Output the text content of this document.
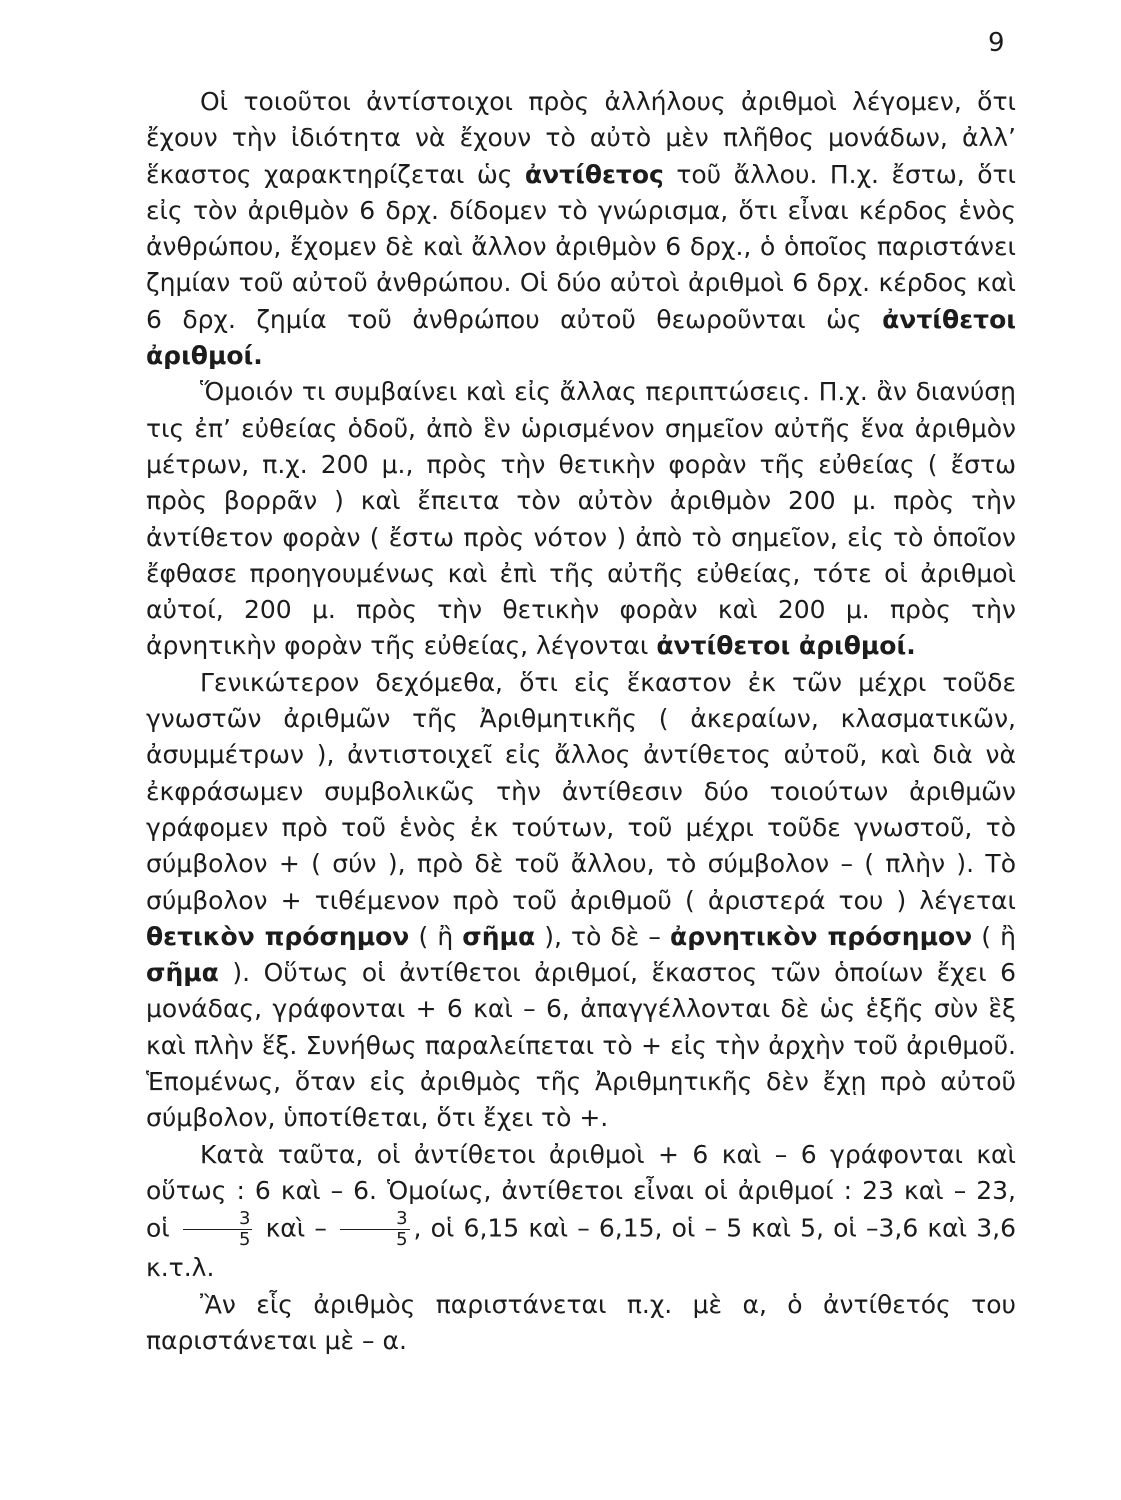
9

Οἱ τοιοῦτοι ἀντίστοιχοι πρὸς ἀλλήλους ἀριθμοὶ λέγομεν, ὅτι ἔχουν τὴν ἰδιότητα νὰ ἔχουν τὸ αὐτὸ μὲν πλῆθος μονάδων, ἀλλ’ ἕκαστος χαρακτηρίζεται ὡς ἀντίθετος τοῦ ἄλλου. Π.χ. ἔστω, ὅτι εἰς τὸν ἀριθμὸν 6 δρχ. δίδομεν τὸ γνώρισμα, ὅτι εἶναι κέρδος ἑνὸς ἀνθρώπου, ἔχομεν δὲ καὶ ἄλλον ἀριθμὸν 6 δρχ., ὁ ὁποῖος παριστάνει ζημίαν τοῦ αὐτοῦ ἀνθρώπου. Οἱ δύο αὐτοὶ ἀριθμοὶ 6 δρχ. κέρδος καὶ 6 δρχ. ζημία τοῦ ἀνθρώπου αὐτοῦ θεωροῦνται ὡς ἀντίθετοι ἀριθμοί.

Ὅμοιόν τι συμβαίνει καὶ εἰς ἄλλας περιπτώσεις. Π.χ. ἂν διανύσῃ τις ἐπ’ εὐθείας ὁδοῦ, ἀπὸ ἓν ὡρισμένον σημεῖον αὐτῆς ἕνα ἀριθμὸν μέτρων, π.χ. 200 μ., πρὸς τὴν θετικὴν φορὰν τῆς εὐθείας ( ἔστω πρὸς βορρᾶν ) καὶ ἔπειτα τὸν αὐτὸν ἀριθμὸν 200 μ. πρὸς τὴν ἀντίθετον φορὰν ( ἔστω πρὸς νότον ) ἀπὸ τὸ σημεῖον, εἰς τὸ ὁποῖον ἔφθασε προηγουμένως καὶ ἐπὶ τῆς αὐτῆς εὐθείας, τότε οἱ ἀριθμοὶ αὐτοί, 200 μ. πρὸς τὴν θετικὴν φορὰν καὶ 200 μ. πρὸς τὴν ἀρνητικὴν φορὰν τῆς εὐθείας, λέγονται ἀντίθετοι ἀριθμοί.

Γενικώτερον δεχόμεθα, ὅτι εἰς ἕκαστον ἐκ τῶν μέχρι τοῦδε γνωστῶν ἀριθμῶν τῆς Ἀριθμητικῆς ( ἀκεραίων, κλασματικῶν, ἀσυμμέτρων ), ἀντιστοιχεῖ εἰς ἄλλος ἀντίθετος αὐτοῦ, καὶ διὰ νὰ ἐκφράσωμεν συμβολικῶς τὴν ἀντίθεσιν δύο τοιούτων ἀριθμῶν γράφομεν πρὸ τοῦ ἑνὸς ἐκ τούτων, τοῦ μέχρι τοῦδε γνωστοῦ, τὸ σύμβολον + ( σύν ), πρὸ δὲ τοῦ ἄλλου, τὸ σύμβολον – ( πλὴν ). Τὸ σύμβολον + τιθέμενον πρὸ τοῦ ἀριθμοῦ ( ἀριστερά του ) λέγεται θετικὸν πρόσημον ( ἢ σῆμα ), τὸ δὲ – ἀρνητικὸν πρόσημον ( ἢ σῆμα ). Οὕτως οἱ ἀντίθετοι ἀριθμοί, ἕκαστος τῶν ὁποίων ἔχει 6 μονάδας, γράφονται + 6 καὶ – 6, ἀπαγγέλλονται δὲ ὡς ἑξῆς σὺν ἓξ καὶ πλὴν ἕξ. Συνήθως παραλείπεται τὸ + εἰς τὴν ἀρχὴν τοῦ ἀριθμοῦ. Ἑπομένως, ὅταν εἰς ἀριθμὸς τῆς Ἀριθμητικῆς δὲν ἔχῃ πρὸ αὐτοῦ σύμβολον, ὑποτίθεται, ὅτι ἔχει τὸ +.

Κατὰ ταῦτα, οἱ ἀντίθετοι ἀριθμοὶ + 6 καὶ – 6 γράφονται καὶ οὕτως : 6 καὶ – 6. Ὁμοίως, ἀντίθετοι εἶναι οἱ ἀριθμοί : 23 καὶ – 23, οἱ $\frac{3}{5}$ καὶ – $\frac{3}{5}$ , οἱ 6,15 καὶ – 6,15, οἱ – 5 καὶ 5, οἱ –3,6 καὶ 3,6 κ.τ.λ.

Ἂν εἷς ἀριθμὸς παριστάνεται π.χ. μὲ α, ὁ ἀντίθετός του παριστάνεται μὲ – α.
